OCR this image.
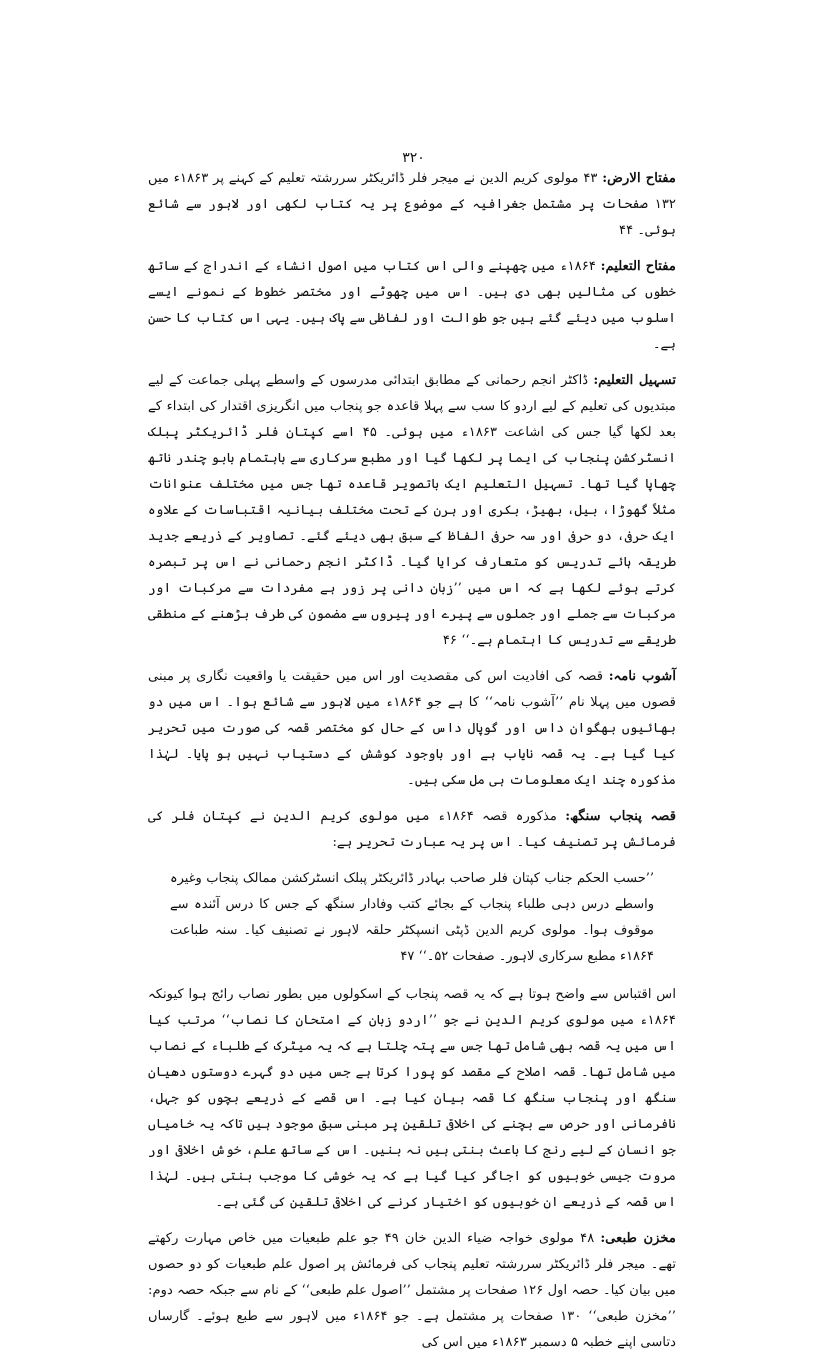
۳۲۰

مفتاح الارض: ۴۳ مولوی کریم الدین نے میجر فلر ڈائریکٹر سررشتہ تعلیم کے کہنے پر ۱۸۶۳ء میں ۱۳۲ صفحات پر مشتمل جغرافیہ کے موضوع پر یہ کتاب لکھی اور لاہور سے شائع ہوئی۔ ۴۴

مفتاح التعلیم: ۱۸۶۴ء میں چھپنے والی اس کتاب میں اصول انشاء کے اندراج کے ساتھ خطوں کی مثالیں بھی دی ہیں۔ اس میں چھوٹے اور مختصر خطوط کے نمونے ایسے اسلوب میں دیئے گئے ہیں جو طوالت اور لفاظی سے پاک ہیں۔ یہی اس کتاب کا حسن ہے۔

تسہیل التعلیم: ڈاکٹر انجم رحمانی کے مطابق ابتدائی مدرسوں کے واسطے پہلی جماعت کے لیے مبتدیوں کی تعلیم کے لیے اردو کا سب سے پہلا قاعدہ جو پنجاب میں انگریزی اقتدار کی ابتداء کے بعد لکھا گیا جس کی اشاعت ۱۸۶۳ء میں ہوئی۔ ۴۵ اسے کپتان فلر ڈائریکٹر پبلک انسٹرکشن پنجاب کی ایما پر لکھا گیا اور مطبع سرکاری سے باہتمام بابو چندر ناتھ چھاپا گیا تھا۔ تسہیل التعلیم ایک باتصویر قاعدہ تھا جس میں مختلف عنوانات مثلاً گھوڑا، بیل، بھیڑ، بکری اور ہرن کے تحت مختلف بیانیہ اقتباسات کے علاوہ ایک حرفی، دو حرفی اور سہ حرفی الفاظ کے سبق بھی دیئے گئے۔ تصاویر کے ذریعے جدید طریقہ ہائے تدریس کو متعارف کرایا گیا۔ ڈاکٹر انجم رحمانی نے اس پر تبصرہ کرتے ہوئے لکھا ہے کہ اس میں ’’زبان دانی پر زور ہے مفردات سے مرکبات اور مرکبات سے جملے اور جملوں سے پیرے اور پیروں سے مضمون کی طرف بڑھنے کے منطقی طریقے سے تدریس کا اہتمام ہے۔‘‘ ۴۶

آشوب نامہ: قصہ کی افادیت اس کی مقصدیت اور اس میں حقیقت یا واقعیت نگاری پر مبنی قصوں میں پہلا نام ’’آشوب نامہ‘‘ کا ہے جو ۱۸۶۴ء میں لاہور سے شائع ہوا۔ اس میں دو بھائیوں بھگوان داس اور گوپال داس کے حال کو مختصر قصہ کی صورت میں تحریر کیا گیا ہے۔ یہ قصہ نایاب ہے اور باوجود کوشش کے دستیاب نہیں ہو پایا۔ لہٰذا مذکورہ چند ایک معلومات ہی مل سکی ہیں۔

قصہ پنجاب سنگھ: مذکورہ قصہ ۱۸۶۴ء میں مولوی کریم الدین نے کپتان فلر کی فرمائش پر تصنیف کیا۔ اس پر یہ عبارت تحریر ہے:

’’حسب الحکم جناب کپتان فلر صاحب بہادر ڈائریکٹر پبلک انسٹرکشن ممالک پنجاب وغیرہ واسطے درس دہی طلباء پنجاب کے بجائے کتب وفادار سنگھ کے جس کا درس آئندہ سے موقوف ہوا۔ مولوی کریم الدین ڈپٹی انسپکٹر حلقہ لاہور نے تصنیف کیا۔ سنہ طباعت ۱۸۶۴ء مطبع سرکاری لاہور۔ صفحات ۵۲۔‘‘ ۴۷

اس اقتباس سے واضح ہوتا ہے کہ یہ قصہ پنجاب کے اسکولوں میں بطور نصاب رائج ہوا کیونکہ ۱۸۶۴ء میں مولوی کریم الدین نے جو ’’اردو زبان کے امتحان کا نصاب‘‘ مرتب کیا اس میں یہ قصہ بھی شامل تھا جس سے پتہ چلتا ہے کہ یہ میٹرک کے طلباء کے نصاب میں شامل تھا۔ قصہ اصلاح کے مقصد کو پورا کرتا ہے جس میں دو گہرے دوستوں دھیان سنگھ اور پنجاب سنگھ کا قصہ بیان کیا ہے۔ اس قصے کے ذریعے بچوں کو جہل، نافرمانی اور حرص سے بچنے کی اخلاقی تلقین پر مبنی سبق موجود ہیں تاکہ یہ خامیاں جو انسان کے لیے رنج کا باعث بنتی ہیں نہ بنیں۔ اس کے ساتھ علم، خوش اخلاقی اور مروت جیسی خوبیوں کو اجاگر کیا گیا ہے کہ یہ خوشی کا موجب بنتی ہیں۔ لہٰذا اس قصہ کے ذریعے ان خوبیوں کو اختیار کرنے کی اخلاقی تلقین کی گئی ہے۔

مخزن طبعی: ۴۸ مولوی خواجہ ضیاء الدین خان ۴۹ جو علم طبعیات میں خاص مہارت رکھتے تھے۔ میجر فلر ڈائریکٹر سررشتہ تعلیم پنجاب کی فرمائش پر اصول علم طبعیات کو دو حصوں میں بیان کیا۔ حصہ اول ۱۲۶ صفحات پر مشتمل ’’اصول علم طبعی‘‘ کے نام سے جبکہ حصہ دوم: ’’مخزن طبعی‘‘ ۱۳۰ صفحات پر مشتمل ہے۔ جو ۱۸۶۴ء میں لاہور سے طبع ہوئے۔ گارساں دتاسی اپنے خطبہ ۵ دسمبر ۱۸۶۳ء میں اس کی
